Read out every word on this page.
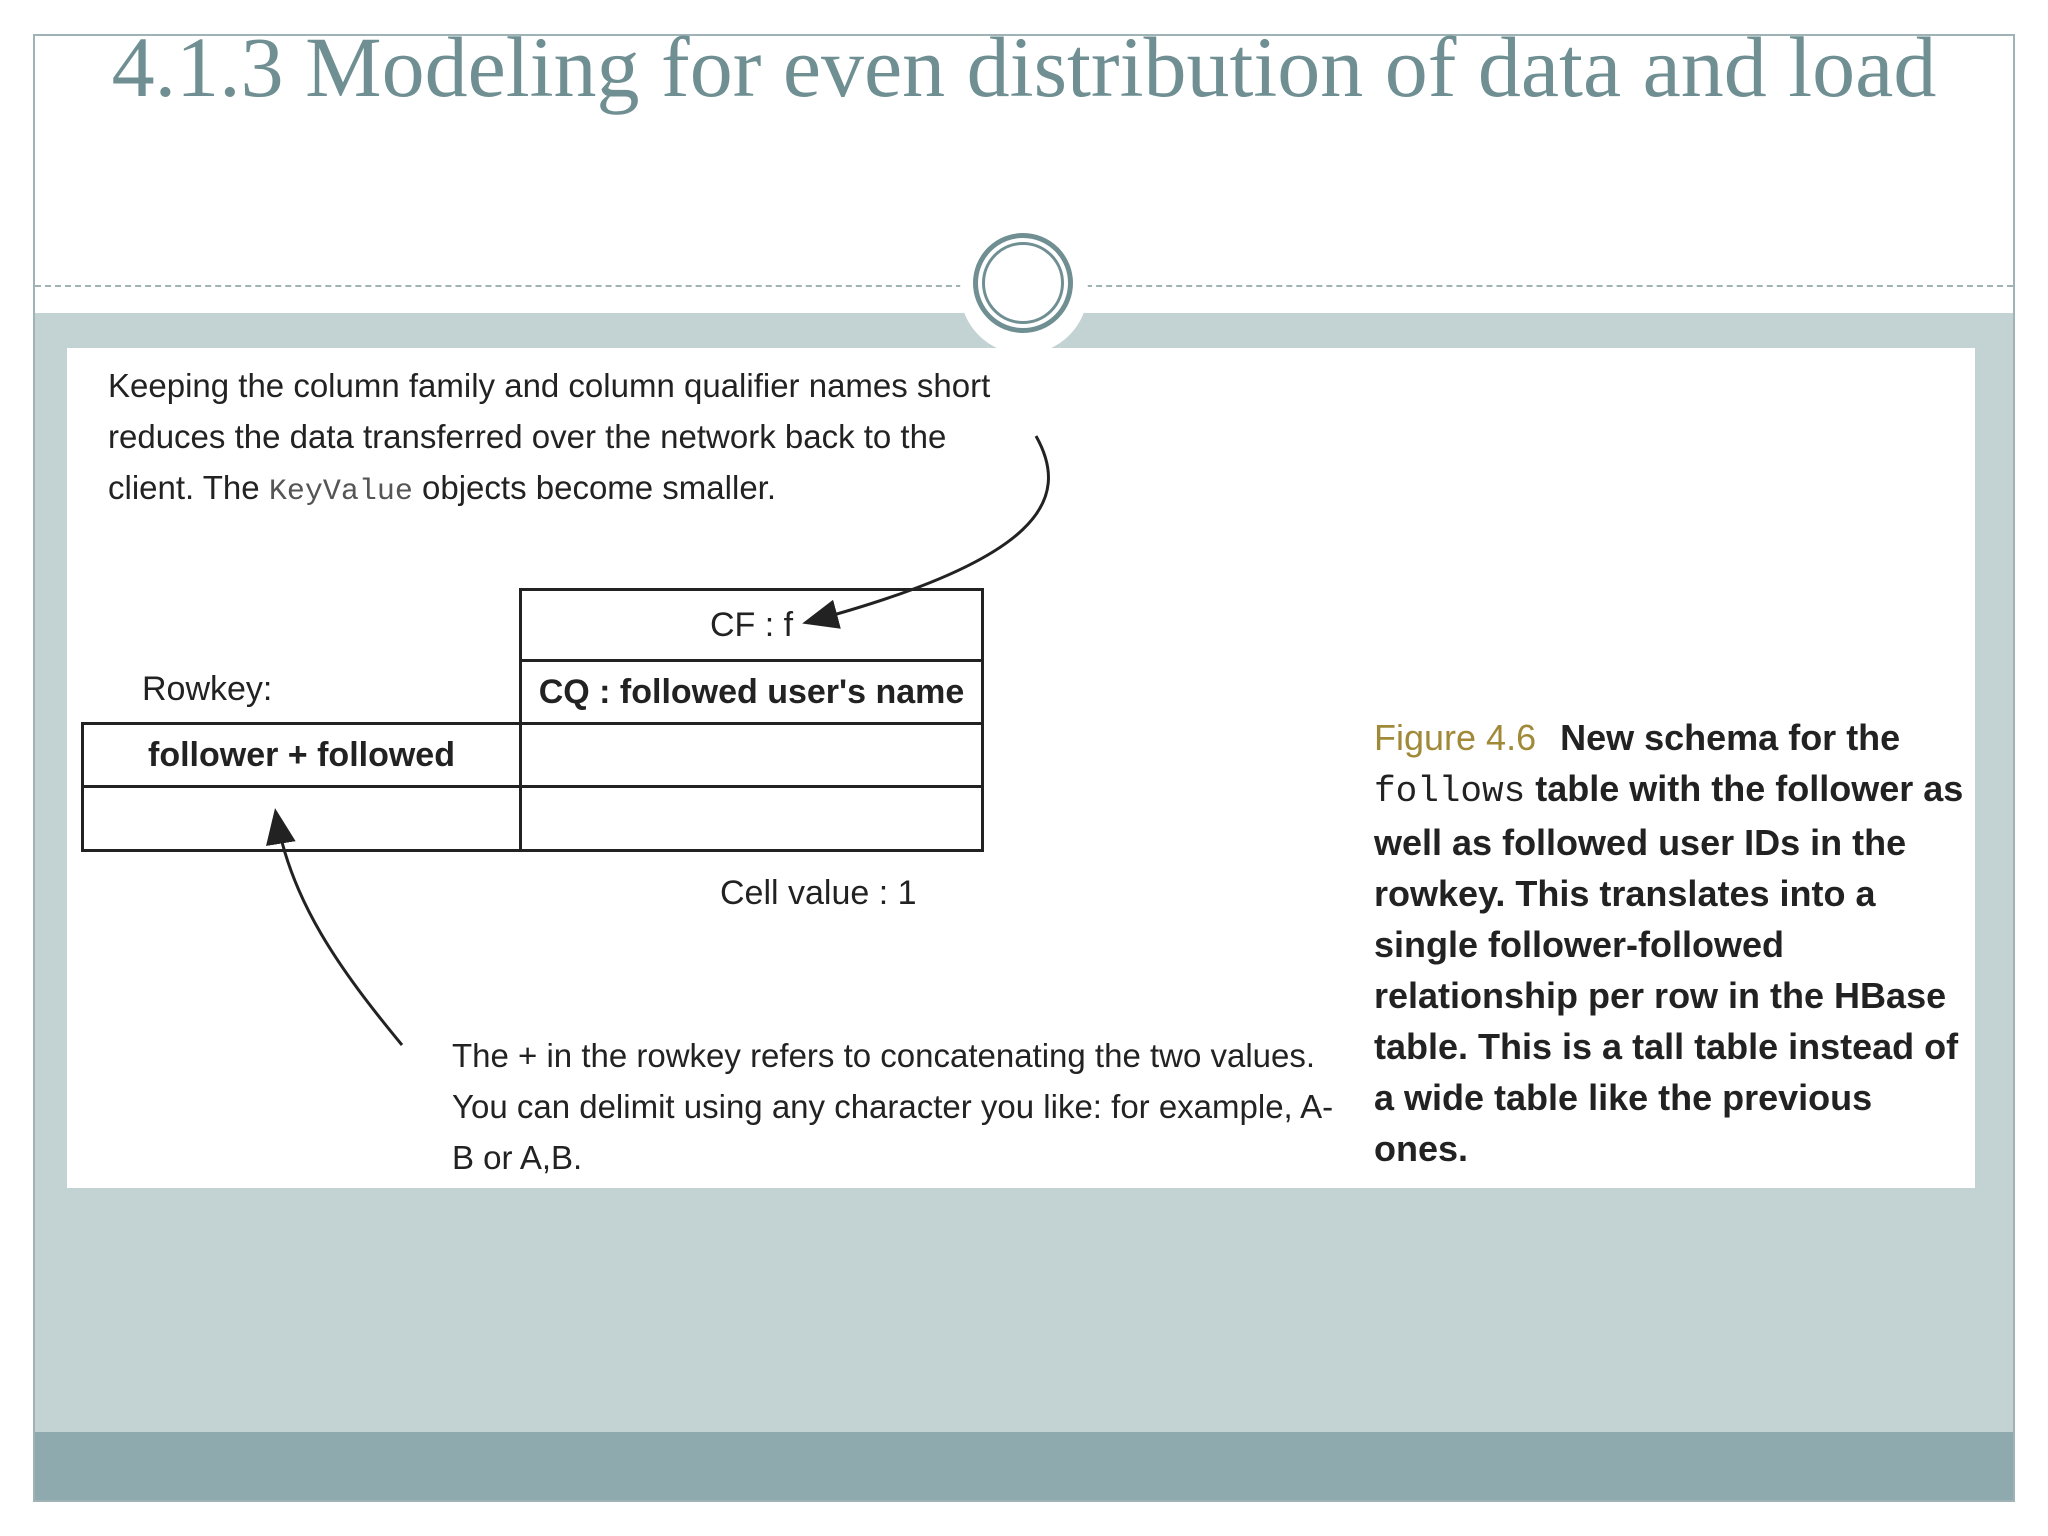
4.1.3 Modeling for even distribution of data and load
Keeping the column family and column qualifier names short reduces the data transferred over the network back to the client. The KeyValue objects become smaller.
CF : f
CQ : followed user's name
Rowkey:
follower + followed
Cell value : 1
The + in the rowkey refers to concatenating the two values. You can delimit using any character you like: for example, A-B or A,B.
Figure 4.6 New schema for the follows table with the follower as well as followed user IDs in the rowkey. This translates into a single follower-followed relationship per row in the HBase table. This is a tall table instead of a wide table like the previous ones.
